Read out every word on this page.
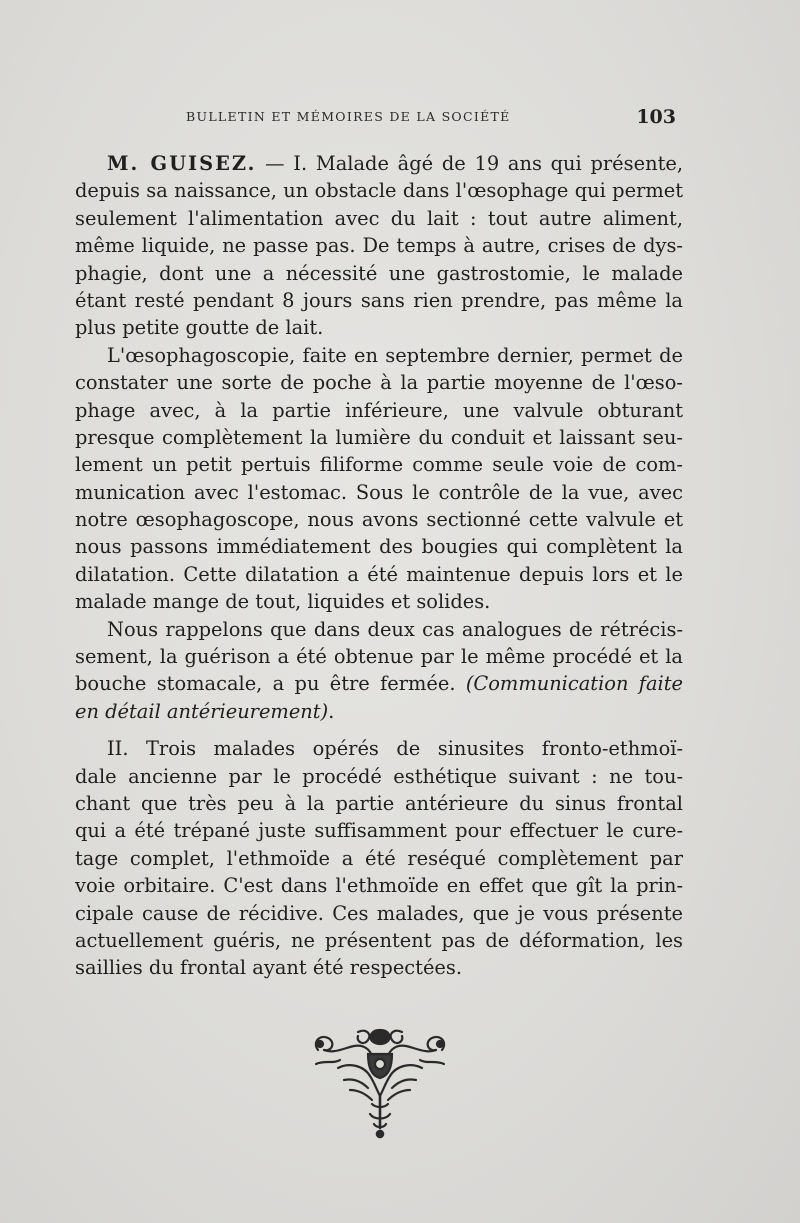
BULLETIN ET MÉMOIRES DE LA SOCIÉTÉ	103
M. GUISEZ. — I. Malade âgé de 19 ans qui présente,
depuis sa naissance, un obstacle dans l'œsophage qui permet
seulement l'alimentation avec du lait : tout autre aliment,
même liquide, ne passe pas. De temps à autre, crises de dys-
phagie, dont une a nécessité une gastrostomie, le malade
étant resté pendant 8 jours sans rien prendre, pas même la
plus petite goutte de lait.
L'œsophagoscopie, faite en septembre dernier, permet de
constater une sorte de poche à la partie moyenne de l'œso-
phage avec, à la partie inférieure, une valvule obturant
presque complètement la lumière du conduit et laissant seu-
lement un petit pertuis filiforme comme seule voie de com-
munication avec l'estomac. Sous le contrôle de la vue, avec
notre œsophagoscope, nous avons sectionné cette valvule et
nous passons immédiatement des bougies qui complètent la
dilatation. Cette dilatation a été maintenue depuis lors et le
malade mange de tout, liquides et solides.
Nous rappelons que dans deux cas analogues de rétrécis-
sement, la guérison a été obtenue par le même procédé et la
bouche stomacale, a pu être fermée. (Communication faite
en détail antérieurement).
II. Trois malades opérés de sinusites fronto-ethmoï-
dale ancienne par le procédé esthétique suivant : ne tou-
chant que très peu à la partie antérieure du sinus frontal
qui a été trépané juste suffisamment pour effectuer le cure-
tage complet, l'ethmoïde a été reséqué complètement par
voie orbitaire. C'est dans l'ethmoïde en effet que gît la prin-
cipale cause de récidive. Ces malades, que je vous présente
actuellement guéris, ne présentent pas de déformation, les
saillies du frontal ayant été respectées.
